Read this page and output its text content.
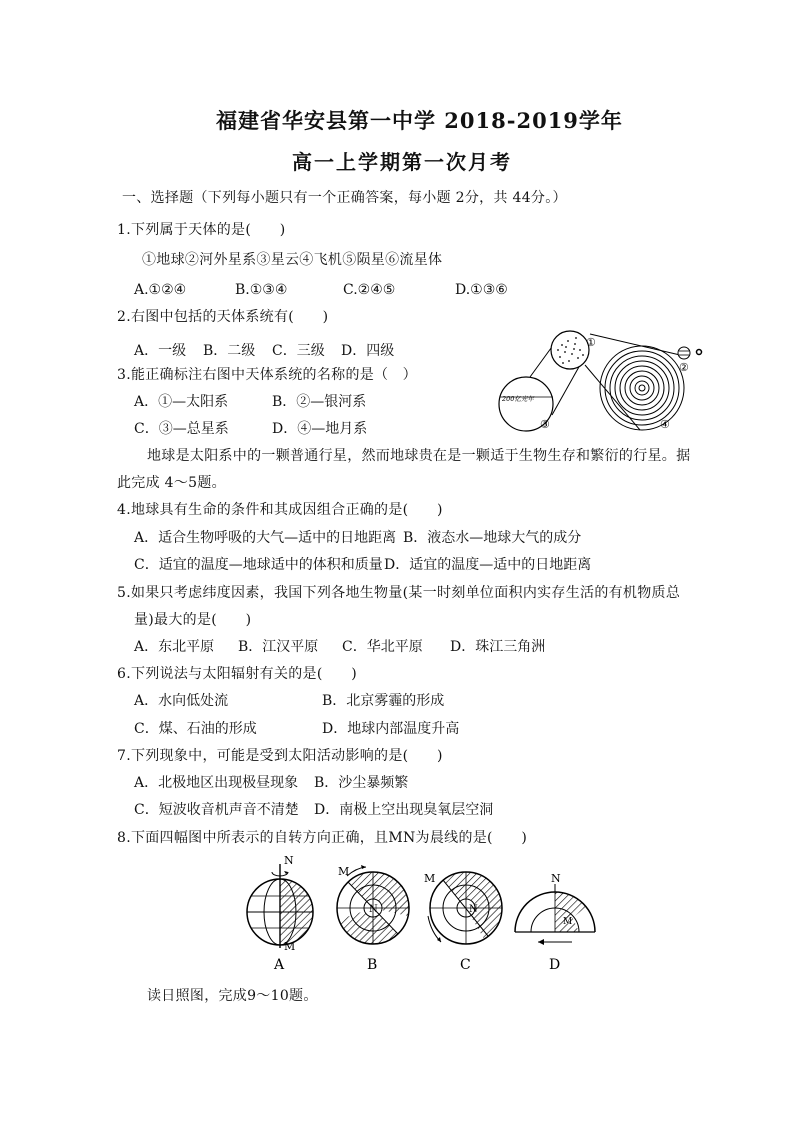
福建省华安县第一中学 2018-2019学年
高一上学期第一次月考
一、选择题（下列每小题只有一个正确答案，每小题 2分，共 44分。）
1.下列属于天体的是(　　)
①地球②河外星系③星云④飞机⑤陨星⑥流星体
A.①②④	B.①③④	C.②④⑤	D.①③⑥
2.右图中包括的天体系统有(　　)
A．一级 B．二级 C．三级 D．四级
3.能正确标注右图中天体系统的名称的是（　）
A．①—太阳系	B．②—银河系
C．③—总星系	D．④—地月系
200亿光年
①
②
③	④
地球是太阳系中的一颗普通行星，然而地球贵在是一颗适于生物生存和繁衍的行星。据
此完成 4～5题。
4.地球具有生命的条件和其成因组合正确的是(　　)
A．适合生物呼吸的大气—适中的日地距离 B．液态水—地球大气的成分
C．适宜的温度—地球适中的体积和质量 D．适宜的温度—适中的日地距离
5.如果只考虑纬度因素，我国下列各地生物量(某一时刻单位面积内实存生活的有机物质总
量)最大的是(　　)
A．东北平原 B．江汉平原 C．华北平原 D．珠江三角洲
6.下列说法与太阳辐射有关的是(　　)
A．水向低处流	B．北京雾霾的形成
C．煤、石油的形成	D．地球内部温度升高
7.下列现象中，可能是受到太阳活动影响的是(　　)
A．北极地区出现极昼现象 B．沙尘暴频繁
C．短波收音机声音不清楚 D．南极上空出现臭氧层空洞
8.下面四幅图中所表示的自转方向正确，且MN为晨线的是(　　)
N
M
A
N
M
B
N
M
C
N
M
D
读日照图，完成9～10题。
